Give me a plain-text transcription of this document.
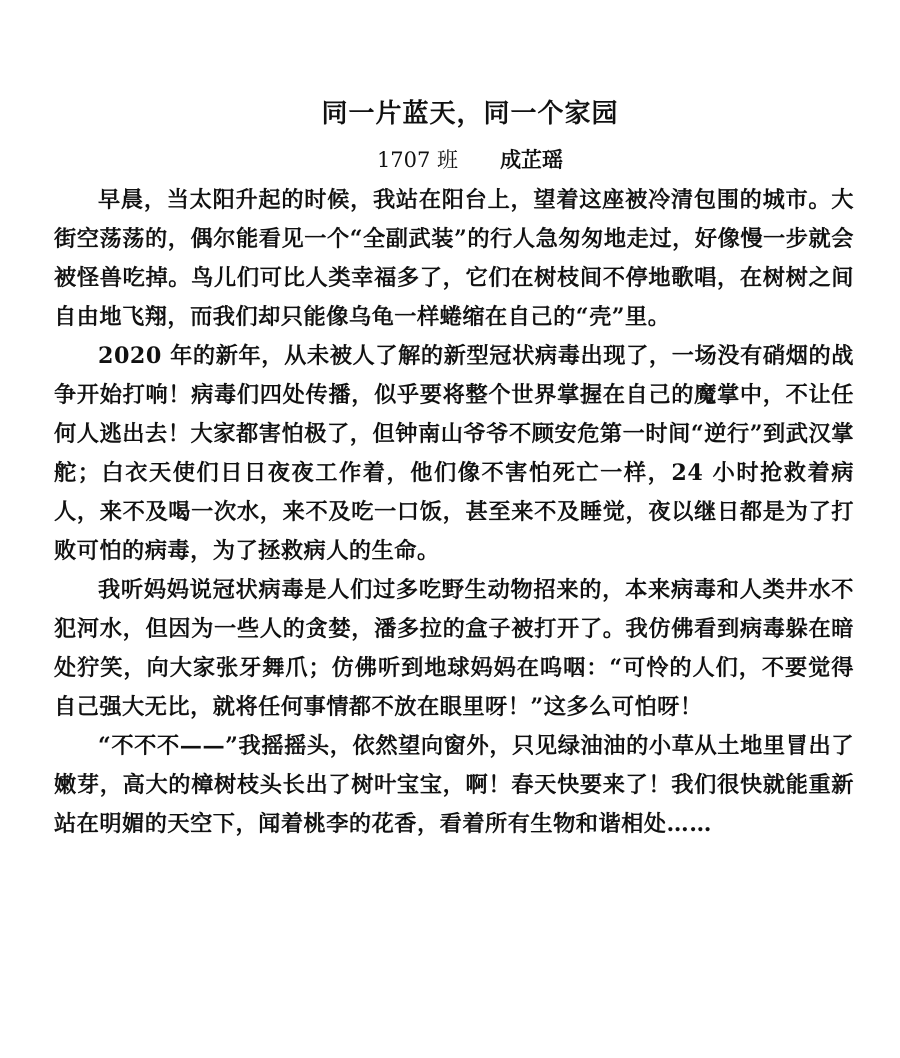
同一片蓝天，同一个家园
1707 班 成芷瑶

早晨，当太阳升起的时候，我站在阳台上，望着这座被冷清包围的城市。大街空荡荡的，偶尔能看见一个“全副武装”的行人急匆匆地走过，好像慢一步就会被怪兽吃掉。鸟儿们可比人类幸福多了，它们在树枝间不停地歌唱，在树树之间自由地飞翔，而我们却只能像乌龟一样蜷缩在自己的“壳”里。

2020 年的新年，从未被人了解的新型冠状病毒出现了，一场没有硝烟的战争开始打响！病毒们四处传播，似乎要将整个世界掌握在自己的魔掌中，不让任何人逃出去！大家都害怕极了，但钟南山爷爷不顾安危第一时间“逆行”到武汉掌舵；白衣天使们日日夜夜工作着，他们像不害怕死亡一样，24 小时抢救着病人，来不及喝一次水，来不及吃一口饭，甚至来不及睡觉，夜以继日都是为了打败可怕的病毒，为了拯救病人的生命。

我听妈妈说冠状病毒是人们过多吃野生动物招来的，本来病毒和人类井水不犯河水，但因为一些人的贪婪，潘多拉的盒子被打开了。我仿佛看到病毒躲在暗处狞笑，向大家张牙舞爪；仿佛听到地球妈妈在呜咽：“可怜的人们，不要觉得自己强大无比，就将任何事情都不放在眼里呀！”这多么可怕呀！

“不不不——”我摇摇头，依然望向窗外，只见绿油油的小草从土地里冒出了嫩芽，高大的樟树枝头长出了树叶宝宝，啊！春天快要来了！我们很快就能重新站在明媚的天空下，闻着桃李的花香，看着所有生物和谐相处……
